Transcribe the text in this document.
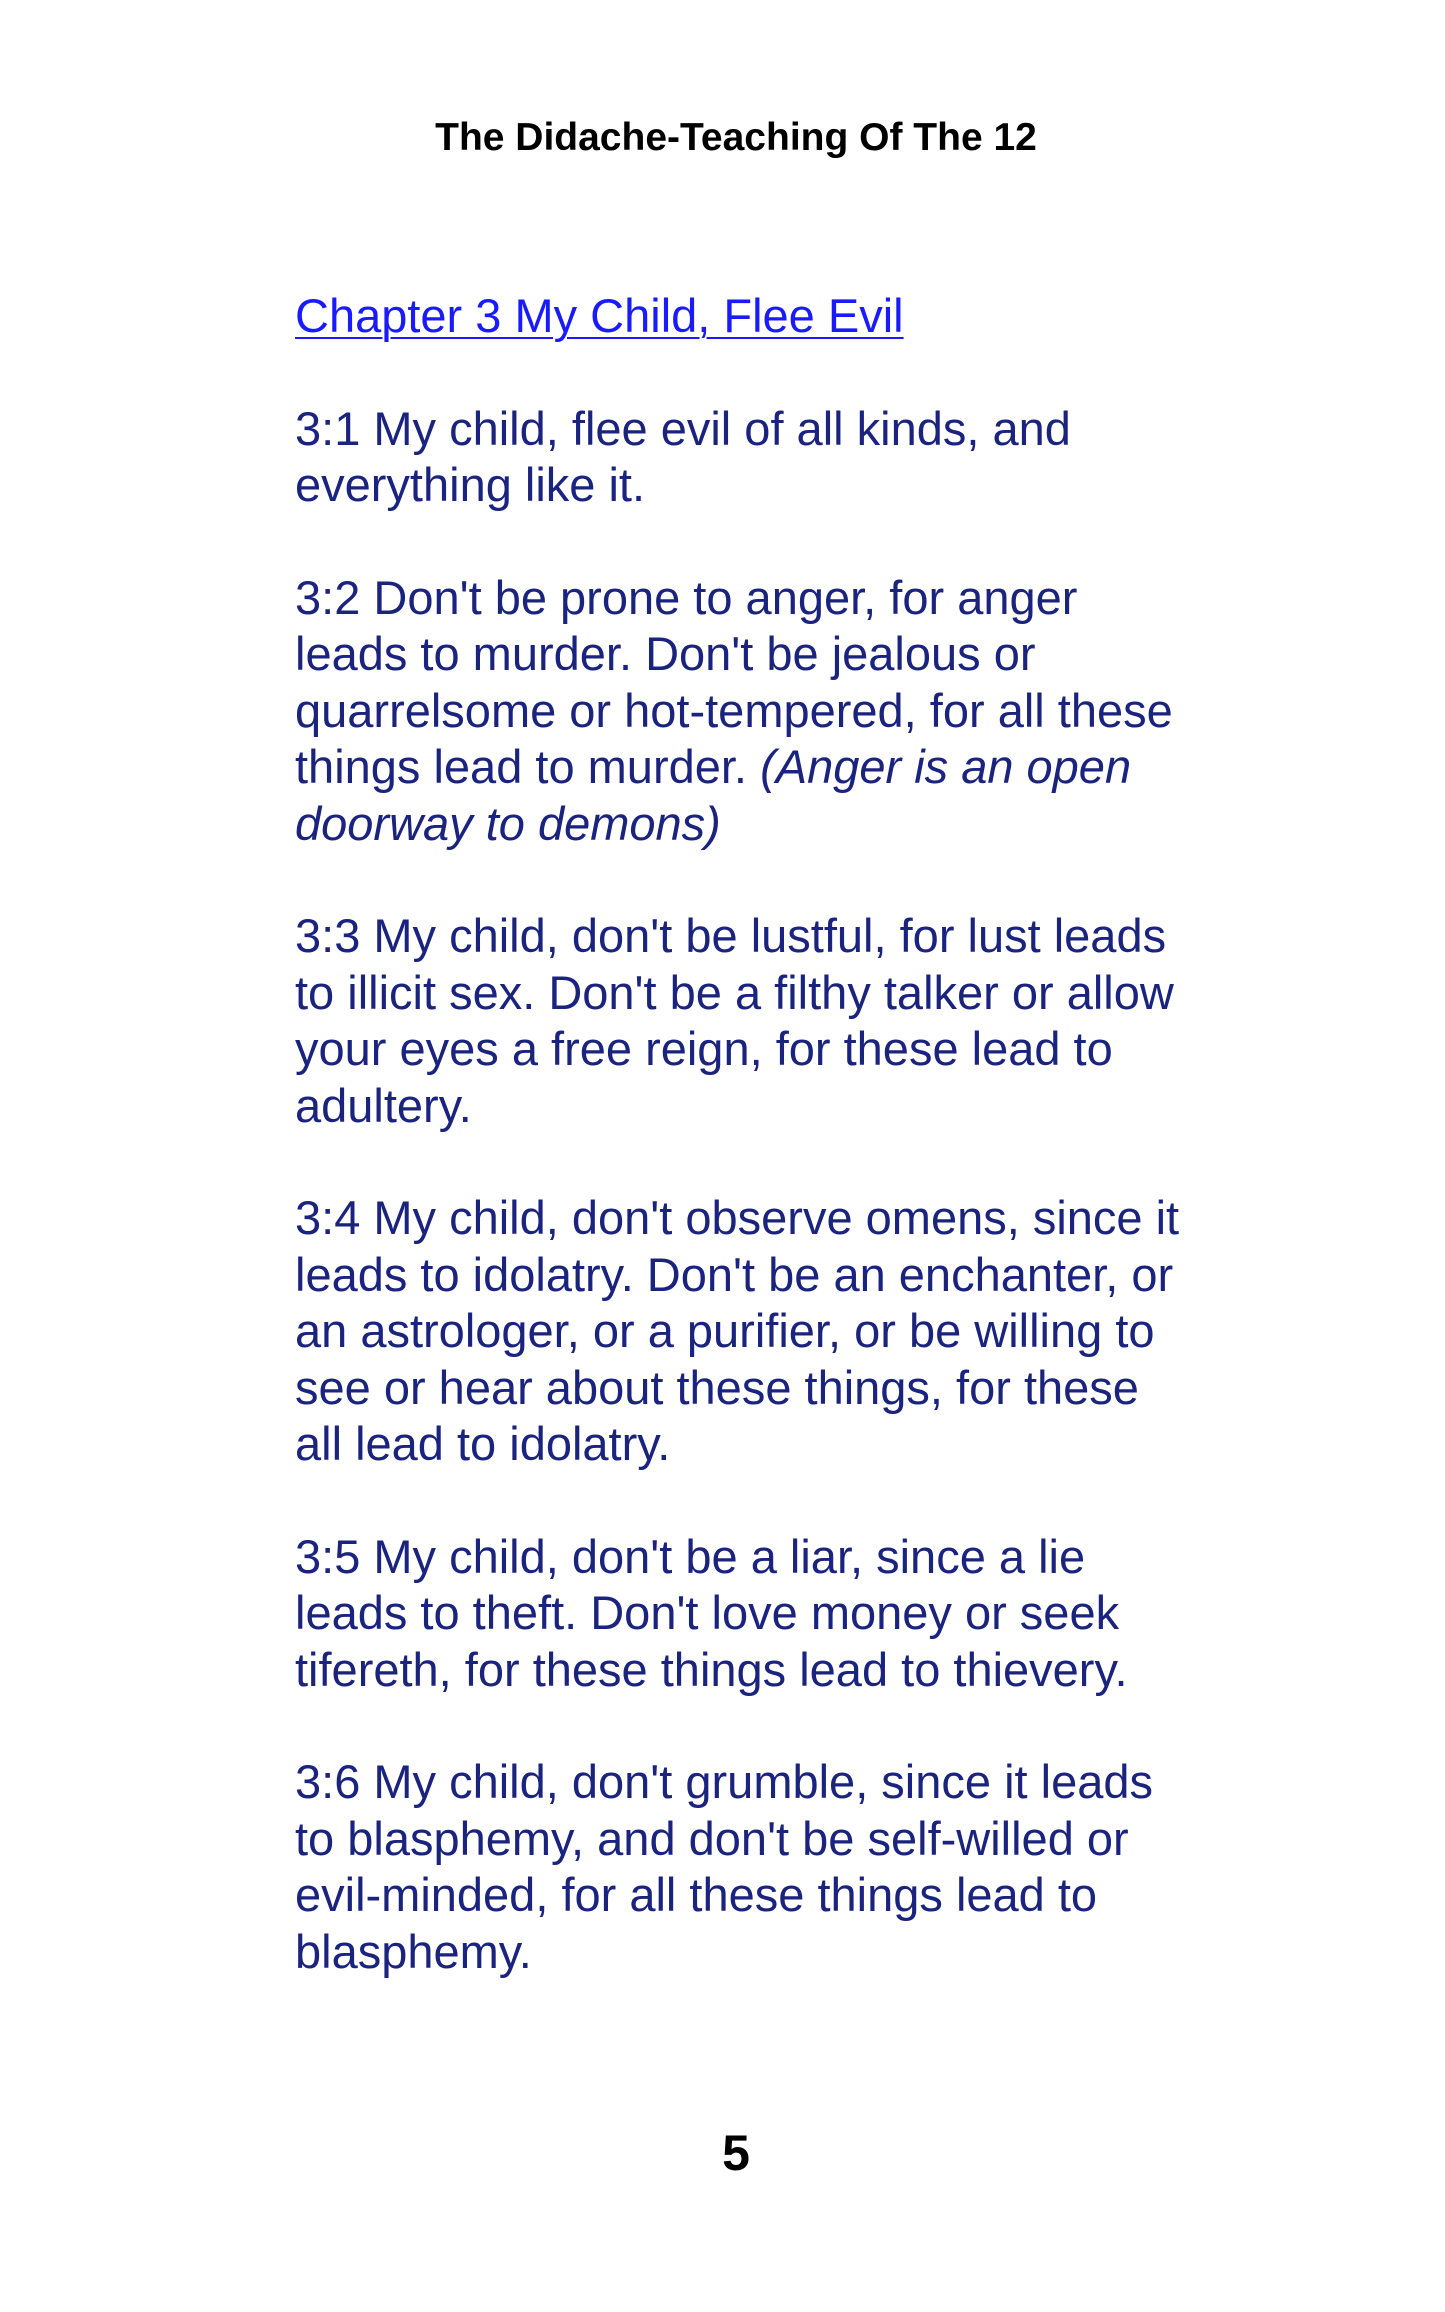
The Didache-Teaching Of The 12
Chapter 3 My Child, Flee Evil

3:1 My child, flee evil of all kinds, and everything like it.

3:2 Don't be prone to anger, for anger leads to murder. Don't be jealous or quarrelsome or hot-tempered, for all these things lead to murder. (Anger is an open doorway to demons)

3:3 My child, don't be lustful, for lust leads to illicit sex. Don't be a filthy talker or allow your eyes a free reign, for these lead to adultery.

3:4 My child, don't observe omens, since it leads to idolatry. Don't be an enchanter, or an astrologer, or a purifier, or be willing to see or hear about these things, for these all lead to idolatry.

3:5 My child, don't be a liar, since a lie leads to theft. Don't love money or seek tifereth, for these things lead to thievery.

3:6 My child, don't grumble, since it leads to blasphemy, and don't be self-willed or evil-minded, for all these things lead to blasphemy.

5
